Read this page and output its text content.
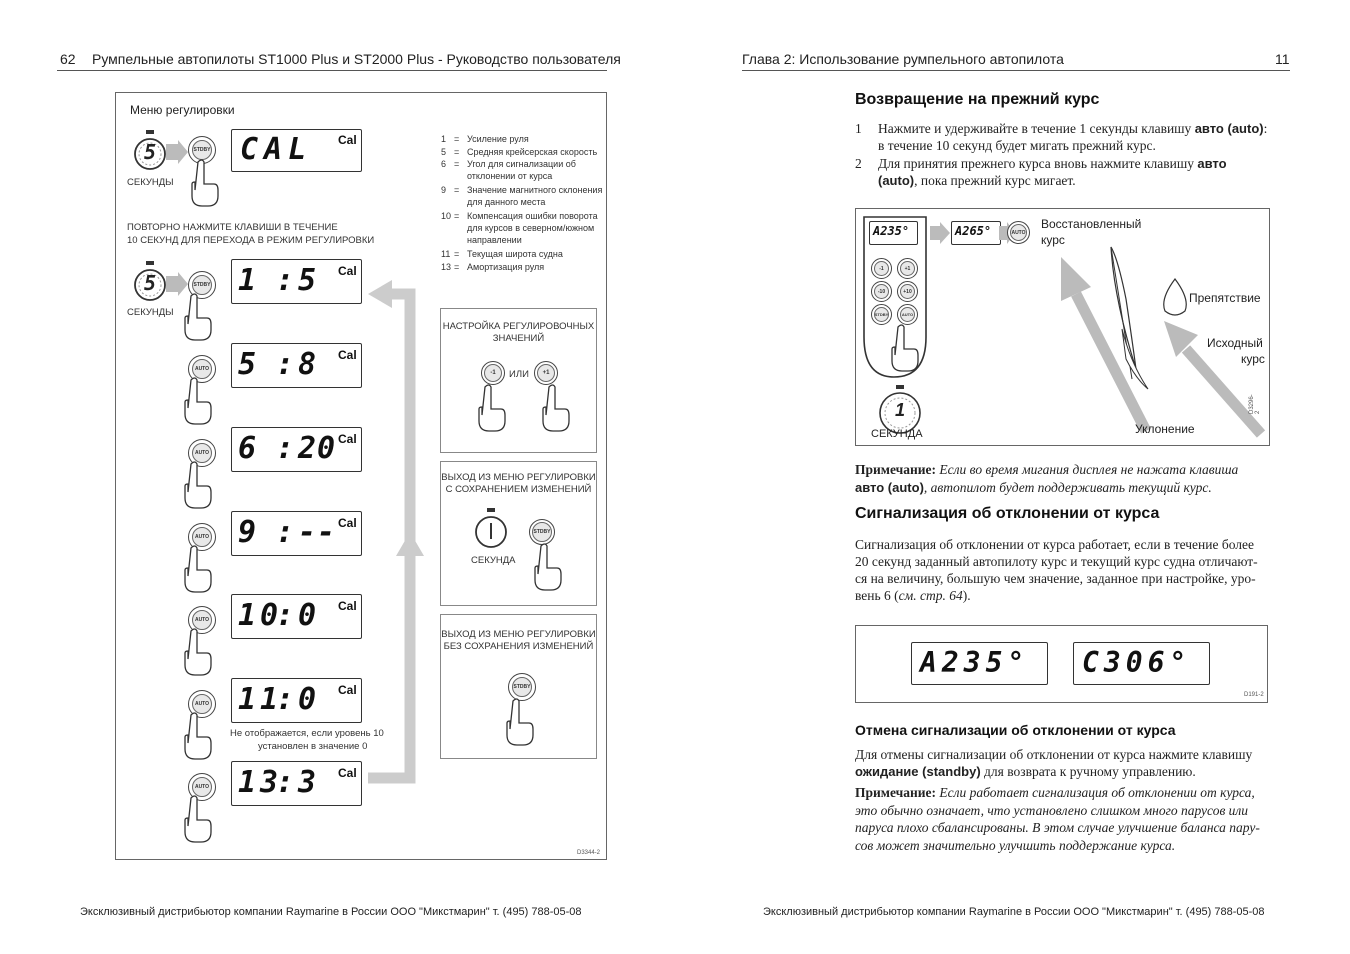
62 Румпельные автопилоты ST1000 Plus и ST2000 Plus - Руководство пользователя
Меню регулировки
5
СЕКУНДЫ
STDBY CAL Cal	1 = Усиление руля
5 = Средняя крейсерская скорость
6 = Угол для сигнализации об
отклонении от курса
9 = Значение магнитного склонения
для данного места
10 = Компенсация ошибки поворота
для курсов в северном/южном
направлении
11 = Текущая широта судна
13 = Амортизация руля
ПОВТОРНО НАЖМИТЕ КЛАВИШИ В ТЕЧЕНИЕ
10 СЕКУНД ДЛЯ ПЕРЕХОДА В РЕЖИМ РЕГУЛИРОВКИ
5
СЕКУНДЫ
STDBY 1 :
5 Cal
AUTO 5 :
8 Cal
AUTO 6 :
20 Cal
AUTO 9 :
-- Cal
AUTO 10
:
0 Cal
AUTO 11
:
0 Cal
AUTO 13
:
3 Cal
Не отображается, если уровень 10
установлен в значение 0
НАСТРОЙКА РЕГУЛИРОВОЧНЫХ
ЗНАЧЕНИЙ
-1	ИЛИ	+1
ВЫХОД ИЗ МЕНЮ РЕГУЛИРОВКИ
С СОХРАНЕНИЕМ ИЗМЕНЕНИЙ
STDBY
СЕКУНДА
ВЫХОД ИЗ МЕНЮ РЕГУЛИРОВКИ
БЕЗ СОХРАНЕНИЯ ИЗМЕНЕНИЙ
STDBY
D3344-2
Эксклюзивный дистрибьютор компании Raymarine в России ООО "Микстмарин" т. (495) 788-05-08
Глава 2: Использование румпельного автопилота	11
Возвращение на прежний курс
1 Нажмите и удерживайте в течение 1 секунды клавишу авто (auto):
в течение 10 секунд будет мигать прежний курс.
2 Для принятия прежнего курса вновь нажмите клавишу авто
(auto), пока прежний курс мигает.
A235°
-1	+1
-10	+10
STDBY	AUTO
1
СЕКУНДА
A265°	AUTO
Восстановленный
курс
Препятствие
Исходный
курс
Уклонение
D3296-2
Примечание: Если во время мигания дисплея не нажата клавиша
авто (auto), автопилот будет поддерживать текущий курс.
Сигнализация об отклонении от курса
Сигнализация об отклонении от курса работает, если в течение более
20 секунд заданный автопилоту курс и текущий курс судна отличают-
ся на величину, большую чем значение, заданное при настройке, уро-
вень 6 (см. стр. 64).
A235° C306°
D191-2
Отмена сигнализации об отклонении от курса
Для отмены сигнализации об отклонении от курса нажмите клавишу
ожидание (standby) для возврата к ручному управлению.
Примечание: Если работает сигнализация об отклонении от курса,
это обычно означает, что установлено слишком много парусов или
паруса плохо сбалансированы. В этом случае улучшение баланса пару-
сов может значительно улучшить поддержание курса.
Эксклюзивный дистрибьютор компании Raymarine в России ООО "Микстмарин" т. (495) 788-05-08
